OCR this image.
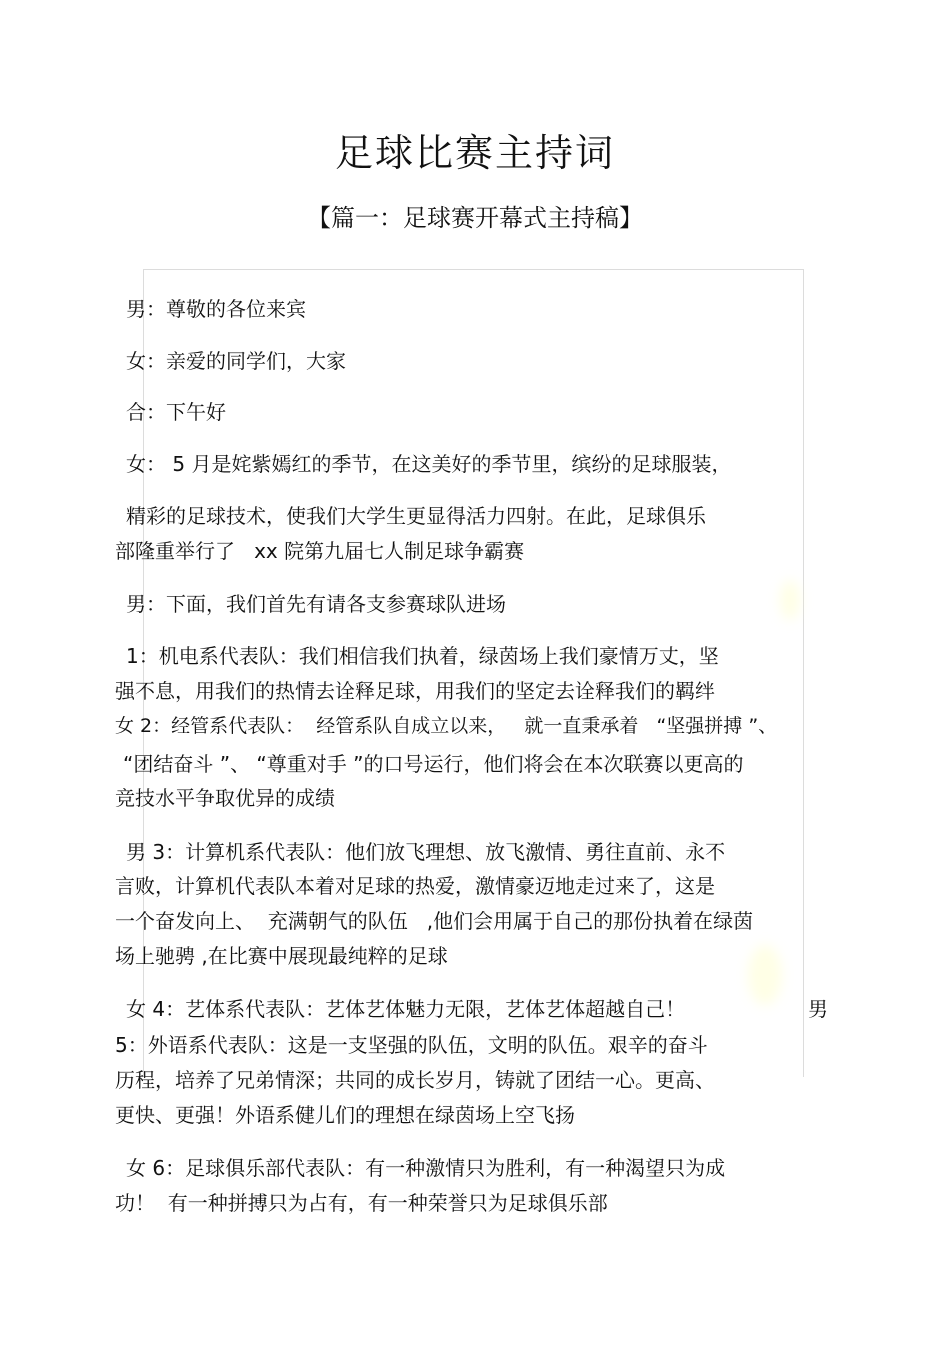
足球比赛主持词
【篇一：足球赛开幕式主持稿】
男：尊敬的各位来宾
女：亲爱的同学们，大家
合：下午好
女： 5 月是姹紫嫣红的季节，在这美好的季节里，缤纷的足球服装，
精彩的足球技术，使我们大学生更显得活力四射。在此，足球俱乐
部隆重举行了   xx 院第九届七人制足球争霸赛
男：下面，我们首先有请各支参赛球队进场
1：机电系代表队：我们相信我们执着，绿茵场上我们豪情万丈，坚
强不息，用我们的热情去诠释足球，用我们的坚定去诠释我们的羁绊
女 2：经管系代表队：  经管系队自成立以来，   就一直秉承着   “坚强拼搏 ”、
“团结奋斗 ”、 “尊重对手 ”的口号运行，他们将会在本次联赛以更高的
竞技水平争取优异的成绩
男 3：计算机系代表队：他们放飞理想、放飞激情、勇往直前、永不
言败，计算机代表队本着对足球的热爱，激情豪迈地走过来了，这是
一个奋发向上、  充满朝气的队伍   ,他们会用属于自己的那份执着在绿茵
场上驰骋 ,在比赛中展现最纯粹的足球
女 4：艺体系代表队：艺体艺体魅力无限，艺体艺体超越自己！	男
5：外语系代表队：这是一支坚强的队伍，文明的队伍。艰辛的奋斗
历程，培养了兄弟情深；共同的成长岁月，铸就了团结一心。更高、
更快、更强！外语系健儿们的理想在绿茵场上空飞扬
女 6：足球俱乐部代表队：有一种激情只为胜利，有一种渴望只为成
功！  有一种拼搏只为占有，有一种荣誉只为足球俱乐部
